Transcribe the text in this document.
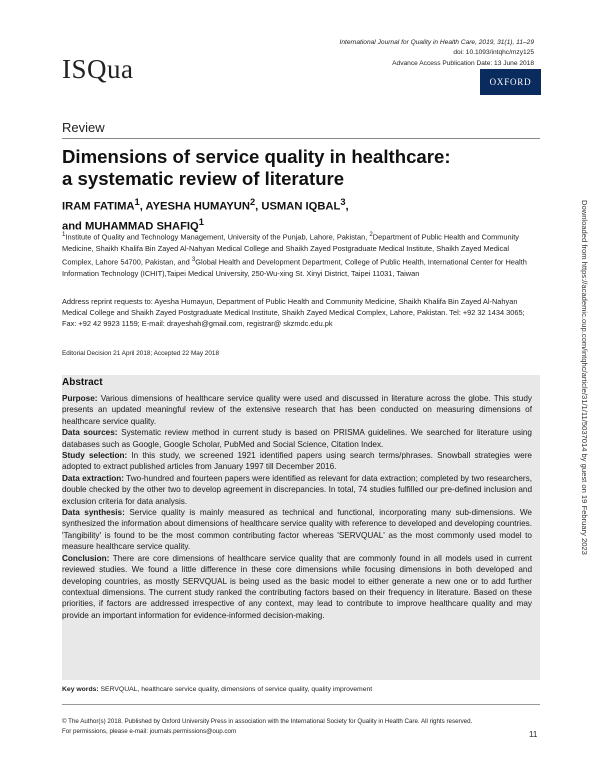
ISQua
International Journal for Quality in Health Care, 2019, 31(1), 11–29
doi: 10.1093/intqhc/mzy125
Advance Access Publication Date: 13 June 2018
OXFORD
Review
Dimensions of service quality in healthcare:
a systematic review of literature
IRAM FATIMA$^1$, AYESHA HUMAYUN$^2$, USMAN IQBAL$^3$,
and MUHAMMAD SHAFIQ$^1$
$^1$Institute of Quality and Technology Management, University of the Punjab, Lahore, Pakistan, $^2$Department of Public Health and Community Medicine, Shaikh Khalifa Bin Zayed Al-Nahyan Medical College and Shaikh Zayed Postgraduate Medical Institute, Shaikh Zayed Medical Complex, Lahore 54700, Pakistan, and $^3$Global Health and Development Department, College of Public Health, International Center for Health Information Technology (ICHIT),Taipei Medical University, 250-Wu-xing St. Xinyi District, Taipei 11031, Taiwan
Address reprint requests to: Ayesha Humayun, Department of Public Health and Community Medicine, Shaikh Khalifa Bin Zayed Al-Nahyan Medical College and Shaikh Zayed Postgraduate Medical Institute, Shaikh Zayed Medical Complex, Lahore, Pakistan. Tel: +92 32 1434 3065; Fax: +92 42 9923 1159; E-mail: drayeshah@gmail.com, registrar@ skzmdc.edu.pk
Editorial Decision 21 April 2018; Accepted 22 May 2018
Abstract

Purpose: Various dimensions of healthcare service quality were used and discussed in literature across the globe. This study presents an updated meaningful review of the extensive research that has been conducted on measuring dimensions of healthcare service quality.

Data sources: Systematic review method in current study is based on PRISMA guidelines. We searched for literature using databases such as Google, Google Scholar, PubMed and Social Science, Citation Index.

Study selection: In this study, we screened 1921 identified papers using search terms/phrases. Snowball strategies were adopted to extract published articles from January 1997 till December 2016.

Data extraction: Two-hundred and fourteen papers were identified as relevant for data extraction; completed by two researchers, double checked by the other two to develop agreement in discrepancies. In total, 74 studies fulfilled our pre-defined inclusion and exclusion criteria for data analysis.

Data synthesis: Service quality is mainly measured as technical and functional, incorporating many sub-dimensions. We synthesized the information about dimensions of healthcare service quality with reference to developed and developing countries. 'Tangibility' is found to be the most common contributing factor whereas 'SERVQUAL' as the most commonly used model to measure healthcare service quality.

Conclusion: There are core dimensions of healthcare service quality that are commonly found in all models used in current reviewed studies. We found a little difference in these core dimensions while focusing dimensions in both developed and developing countries, as mostly SERVQUAL is being used as the basic model to either generate a new one or to add further contextual dimensions. The current study ranked the contributing factors based on their frequency in literature. Based on these priorities, if factors are addressed irrespective of any context, may lead to contribute to improve healthcare quality and may provide an important information for evidence-informed decision-making.

Key words: SERVQUAL, healthcare service quality, dimensions of service quality, quality improvement
© The Author(s) 2018. Published by Oxford University Press in association with the International Society for Quality in Health Care. All rights reserved.
For permissions, please e-mail: journals.permissions@oup.com	11
Downloaded from https://academic.oup.com/intqhc/article/31/1/11/5037014 by guest on 19 February 2023
